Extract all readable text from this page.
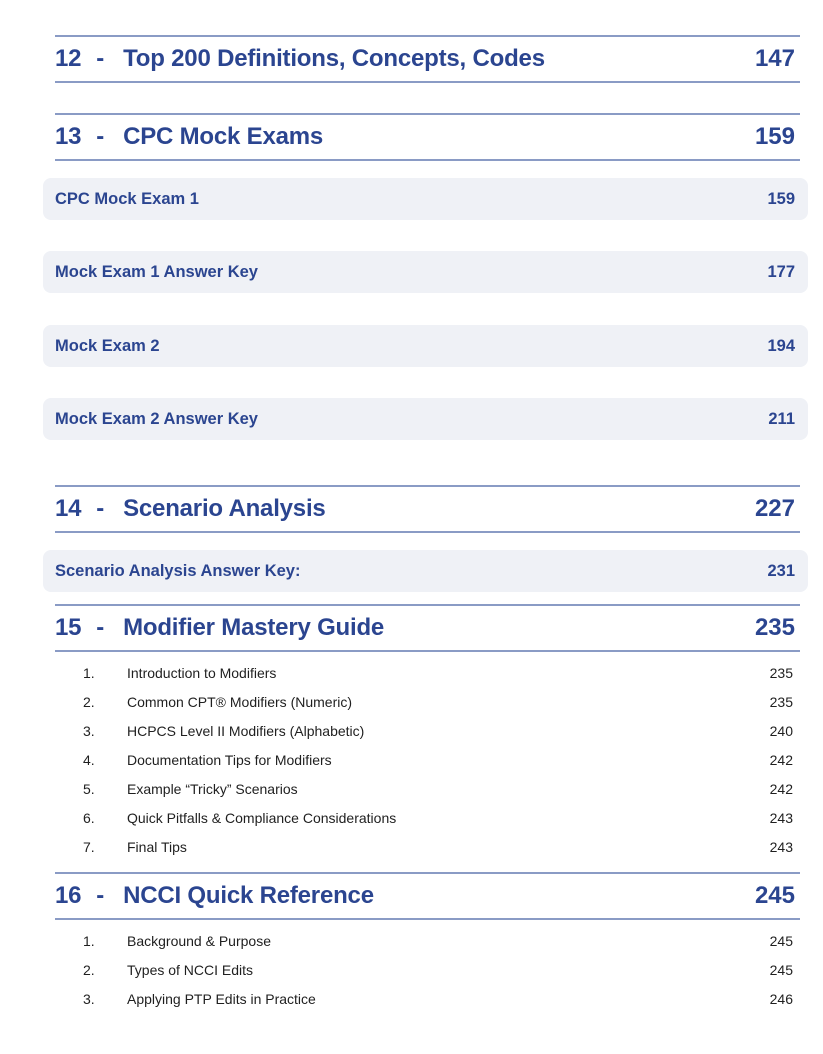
12 - Top 200 Definitions, Concepts, Codes	147
13 - CPC Mock Exams	159
CPC Mock Exam 1	159
Mock Exam 1 Answer Key	177
Mock Exam 2	194
Mock Exam 2 Answer Key	211
14 - Scenario Analysis	227
Scenario Analysis Answer Key:	231
15 - Modifier Mastery Guide	235
1.	Introduction to Modifiers	235
2.	Common CPT® Modifiers (Numeric)	235
3.	HCPCS Level II Modifiers (Alphabetic)	240
4.	Documentation Tips for Modifiers	242
5.	Example “Tricky” Scenarios	242
6.	Quick Pitfalls & Compliance Considerations	243
7.	Final Tips	243
16 - NCCI Quick Reference	245
1.	Background & Purpose	245
2.	Types of NCCI Edits	245
3.	Applying PTP Edits in Practice	246
